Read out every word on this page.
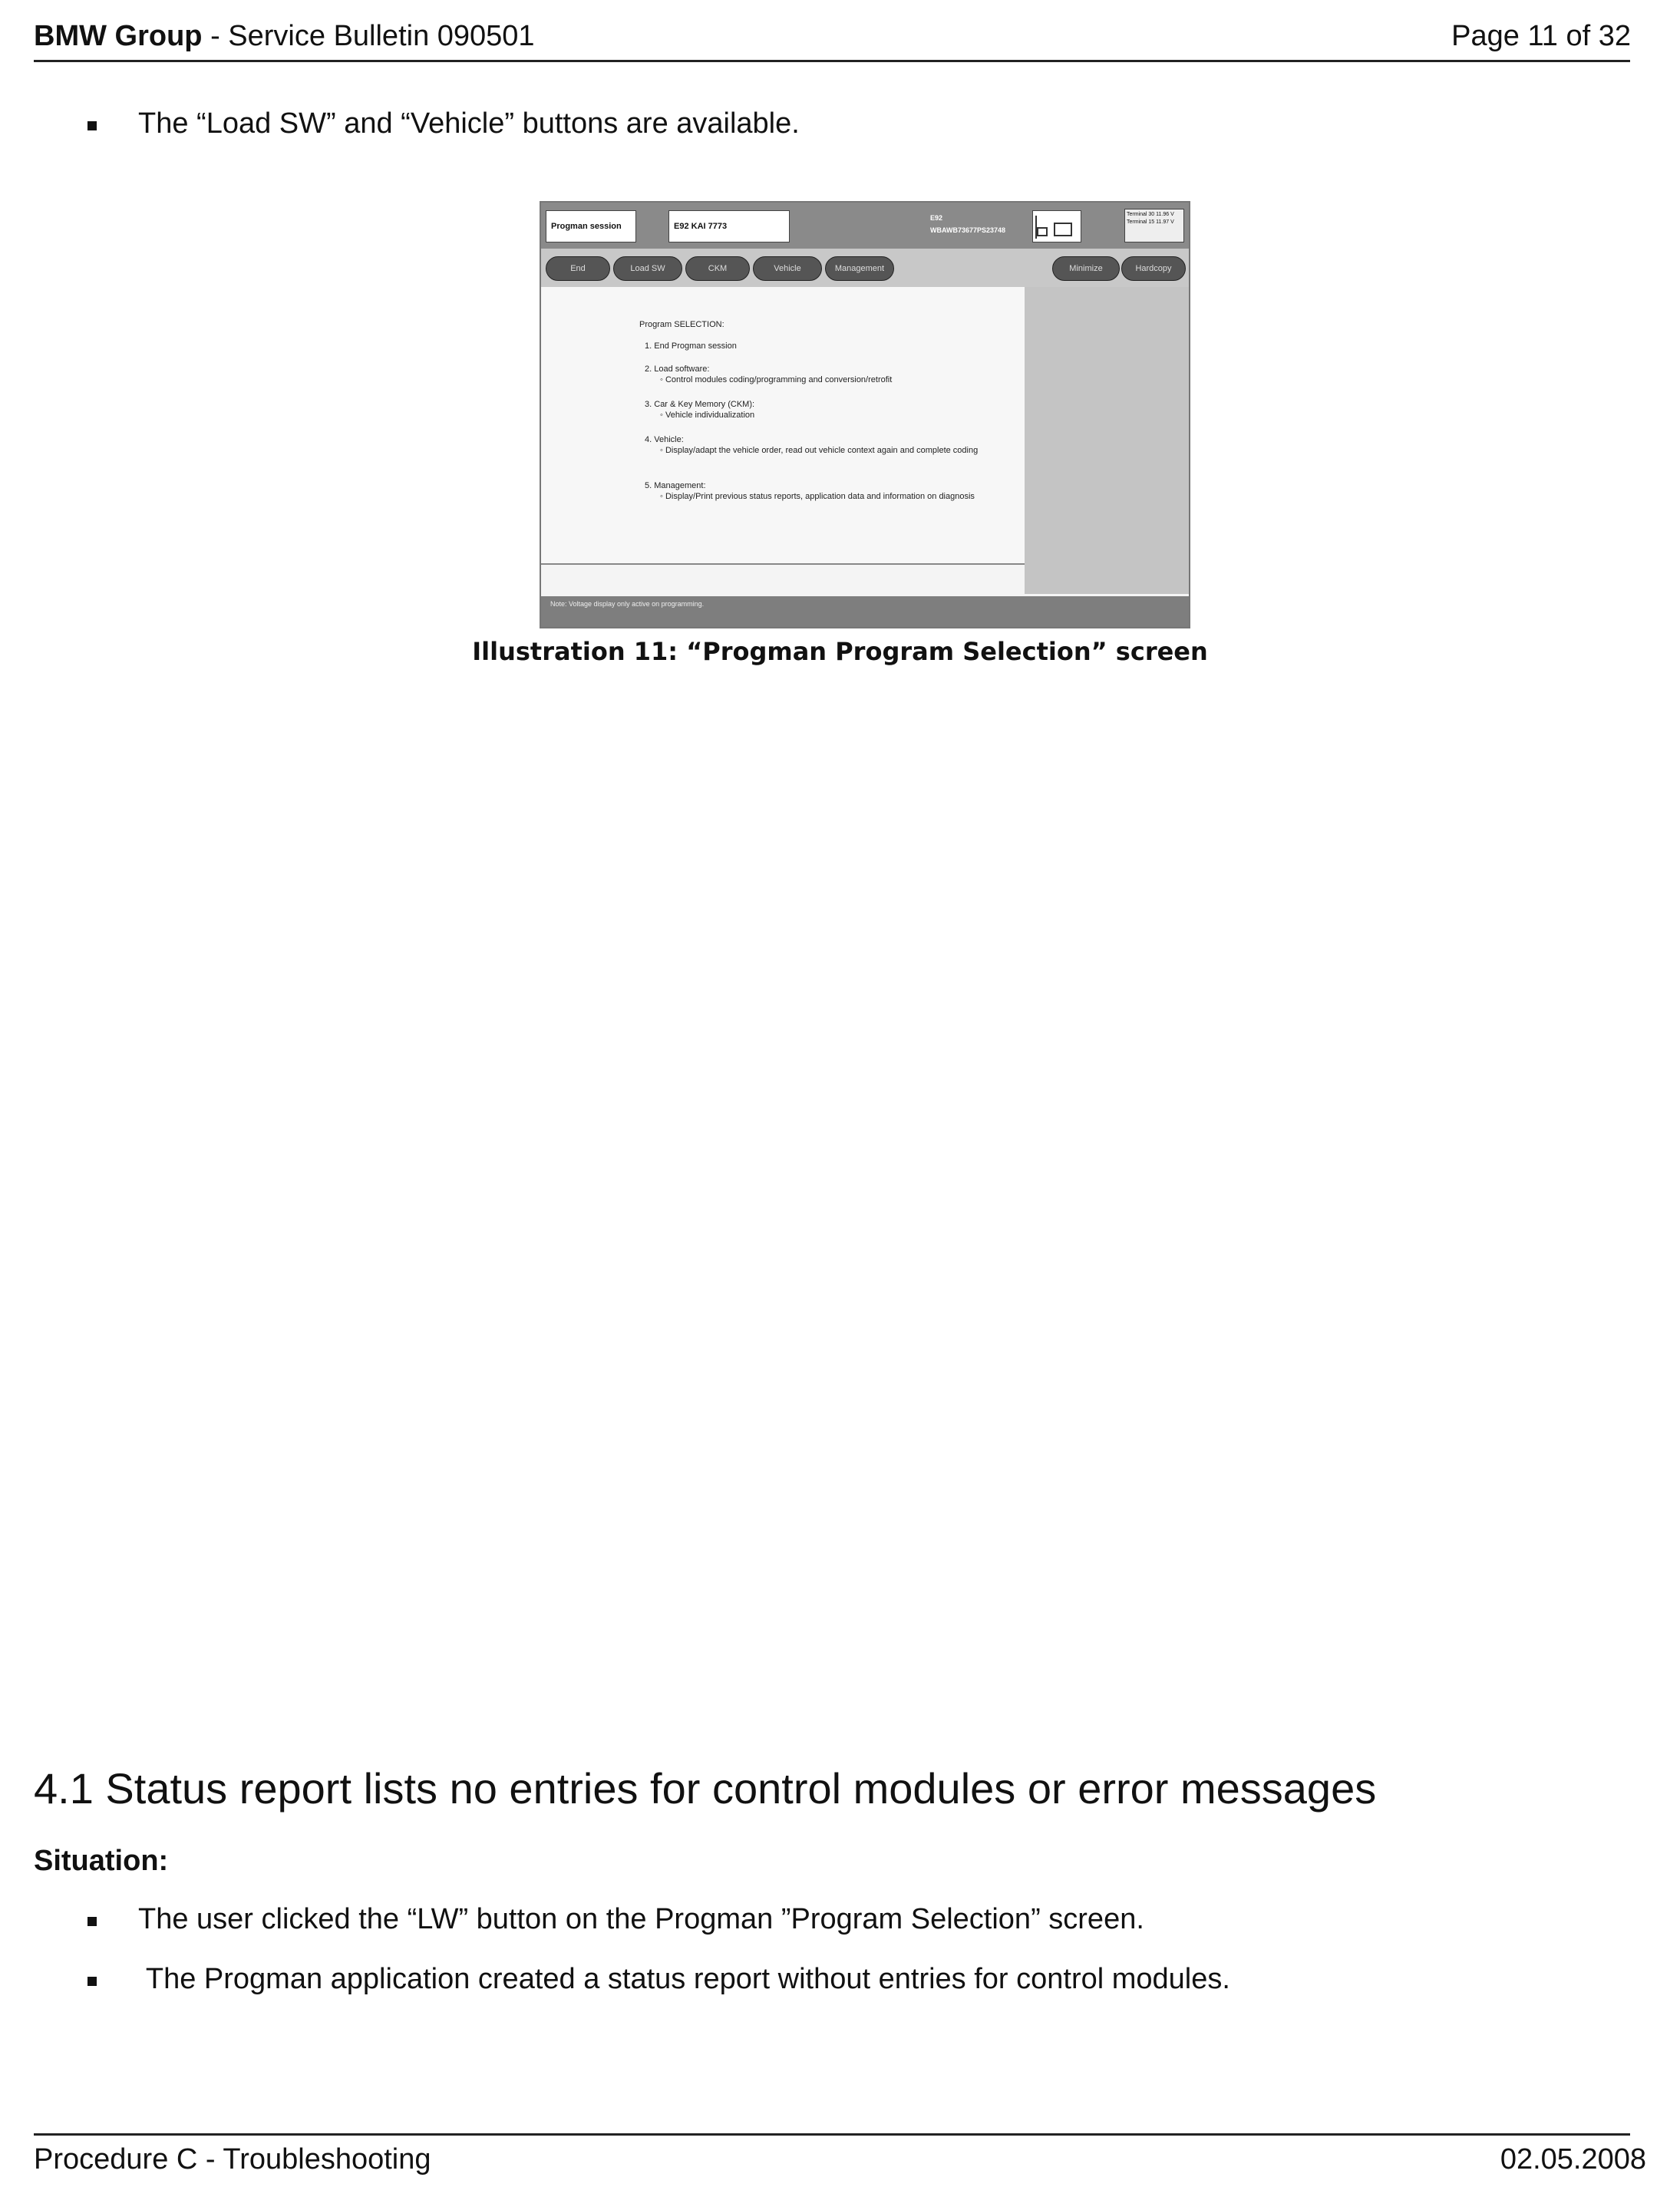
BMW Group - Service Bulletin 090501	Page 11 of 32
The “Load SW” and “Vehicle” buttons are available.
Progman session	E92 KAI 7773
E92
WBAWB73677PS23748
Terminal 30 11.96 V
Terminal 15 11.97 V
End	Load SW	CKM	Vehicle	Management	Minimize	Hardcopy
Program SELECTION:
1. End Progman session
2. Load software:
◦ Control modules coding/programming and conversion/retrofit
3. Car & Key Memory (CKM):
◦ Vehicle individualization
4. Vehicle:
◦ Display/adapt the vehicle order, read out vehicle context again and complete coding
5. Management:
◦ Display/Print previous status reports, application data and information on diagnosis
Note: Voltage display only active on programming.
Illustration 11: “Progman Program Selection” screen
4.1 Status report lists no entries for control modules or error messages
Situation:
The user clicked the “LW” button on the Progman ”Program Selection” screen.
The Progman application created a status report without entries for control modules.
Procedure C - Troubleshooting	02.05.2008
